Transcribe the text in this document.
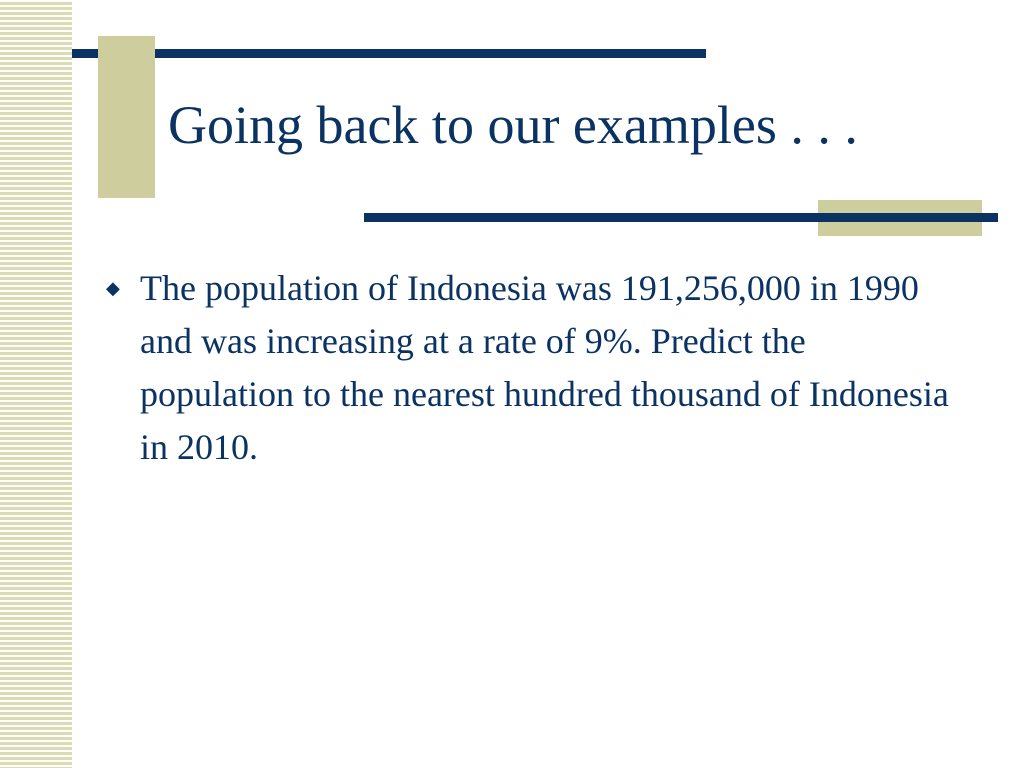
Going back to our examples . . .
◆ The population of Indonesia was 191,256,000 in 1990 and was increasing at a rate of 9%. Predict the population to the nearest hundred thousand of Indonesia in 2010.
